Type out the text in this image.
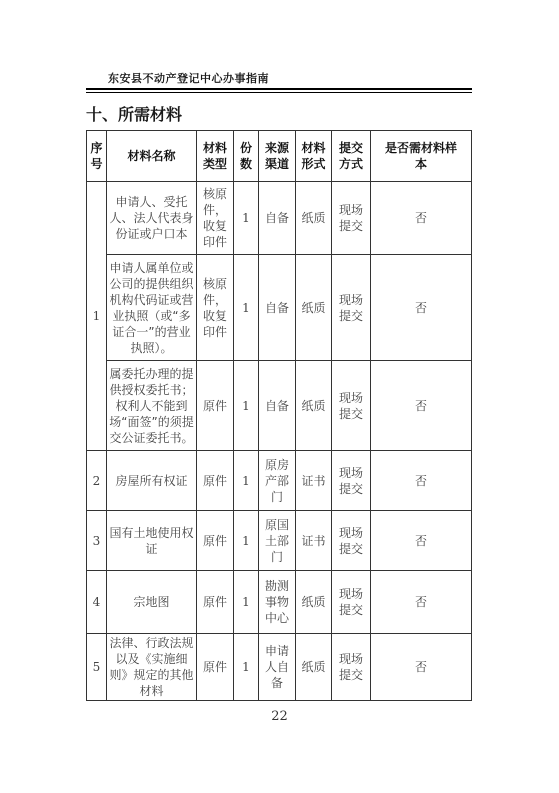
东安县不动产登记中心办事指南
十、所需材料
序号	材料名称	材料类型	份数	来源渠道	材料形式	提交方式	是否需材料样本
1	申请人、受托人、法人代表身份证或户口本	核原件，收复印件	1	自备	纸质	现场提交	否
	申请人属单位或公司的提供组织机构代码证或营业执照（或“多证合一”的营业执照）。	核原件，收复印件	1	自备	纸质	现场提交	否
	属委托办理的提供授权委托书；权利人不能到场“面签”的须提交公证委托书。	原件	1	自备	纸质	现场提交	否
2	房屋所有权证	原件	1	原房产部门	证书	现场提交	否
3	国有土地使用权证	原件	1	原国土部门	证书	现场提交	否
4	宗地图	原件	1	勘测事物中心	纸质	现场提交	否
5	法律、行政法规以及《实施细则》规定的其他材料	原件	1	申请人自备	纸质	现场提交	否
22
